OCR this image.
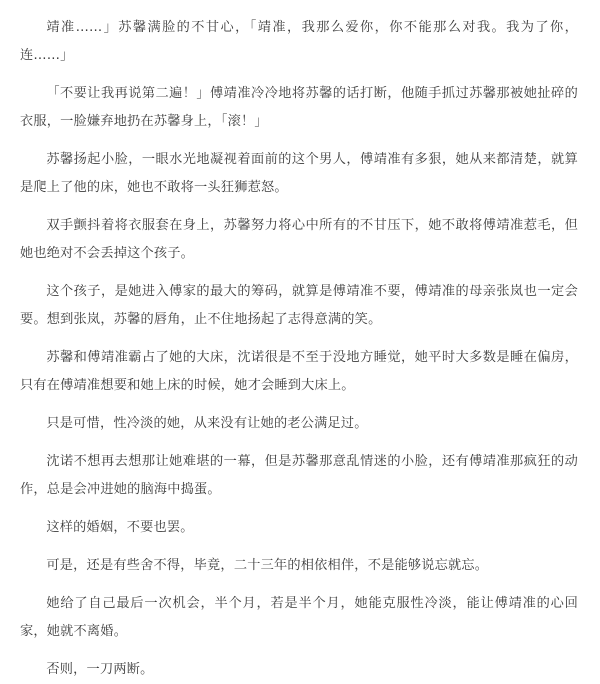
靖准……」苏馨满脸的不甘心，「靖准，我那么爱你，你不能那么对我。我为了你，连……」

「不要让我再说第二遍！」傅靖准冷冷地将苏馨的话打断，他随手抓过苏馨那被她扯碎的衣服，一脸嫌弃地扔在苏馨身上，「滚！」

苏馨扬起小脸，一眼水光地凝视着面前的这个男人，傅靖准有多狠，她从来都清楚，就算是爬上了他的床，她也不敢将一头狂狮惹怒。

双手颤抖着将衣服套在身上，苏馨努力将心中所有的不甘压下，她不敢将傅靖准惹毛，但她也绝对不会丢掉这个孩子。

这个孩子，是她进入傅家的最大的筹码，就算是傅靖准不要，傅靖准的母亲张岚也一定会要。想到张岚，苏馨的唇角，止不住地扬起了志得意满的笑。

苏馨和傅靖准霸占了她的大床，沈诺很是不至于没地方睡觉，她平时大多数是睡在偏房，只有在傅靖准想要和她上床的时候，她才会睡到大床上。

只是可惜，性冷淡的她，从来没有让她的老公满足过。

沈诺不想再去想那让她难堪的一幕，但是苏馨那意乱情迷的小脸，还有傅靖准那疯狂的动作，总是会冲进她的脑海中捣蛋。

这样的婚姻，不要也罢。

可是，还是有些舍不得，毕竟，二十三年的相依相伴，不是能够说忘就忘。

她给了自己最后一次机会，半个月，若是半个月，她能克服性冷淡，能让傅靖准的心回家，她就不离婚。

否则，一刀两断。
